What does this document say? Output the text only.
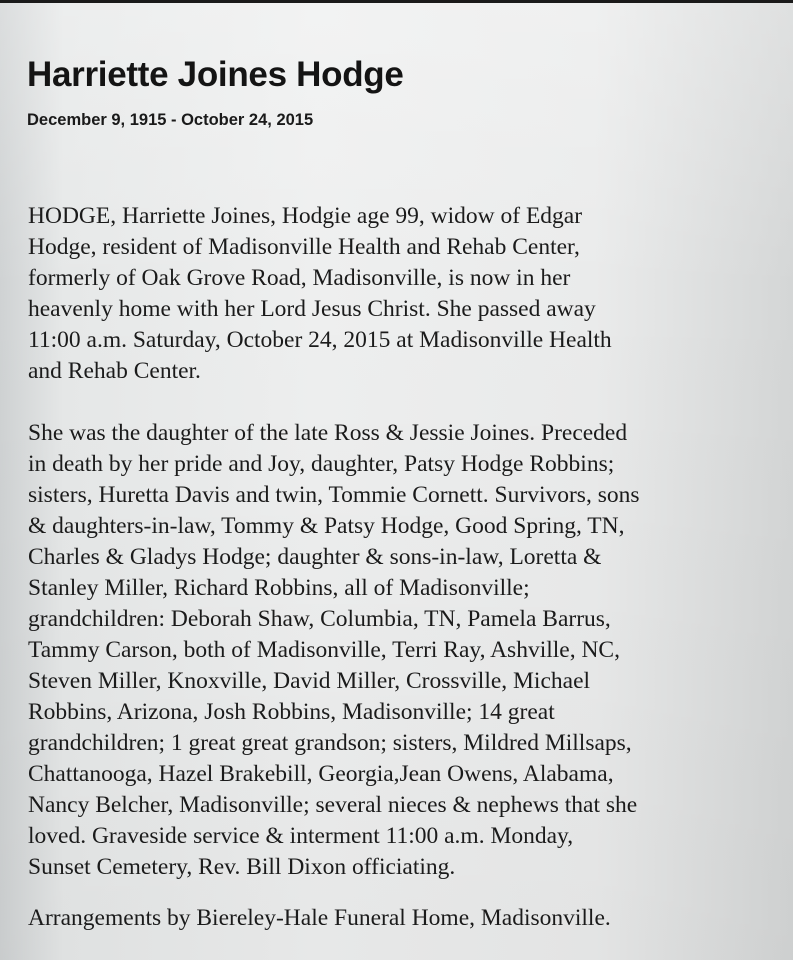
Harriette Joines Hodge
December 9, 1915 - October 24, 2015
HODGE, Harriette Joines, Hodgie age 99, widow of Edgar
Hodge, resident of Madisonville Health and Rehab Center,
formerly of Oak Grove Road, Madisonville, is now in her
heavenly home with her Lord Jesus Christ. She passed away
11:00 a.m. Saturday, October 24, 2015 at Madisonville Health
and Rehab Center.
She was the daughter of the late Ross & Jessie Joines. Preceded
in death by her pride and Joy, daughter, Patsy Hodge Robbins;
sisters, Huretta Davis and twin, Tommie Cornett. Survivors, sons
& daughters-in-law, Tommy & Patsy Hodge, Good Spring, TN,
Charles & Gladys Hodge; daughter & sons-in-law, Loretta &
Stanley Miller, Richard Robbins, all of Madisonville;
grandchildren: Deborah Shaw, Columbia, TN, Pamela Barrus,
Tammy Carson, both of Madisonville, Terri Ray, Ashville, NC,
Steven Miller, Knoxville, David Miller, Crossville, Michael
Robbins, Arizona, Josh Robbins, Madisonville; 14 great
grandchildren; 1 great great grandson; sisters, Mildred Millsaps,
Chattanooga, Hazel Brakebill, Georgia,Jean Owens, Alabama,
Nancy Belcher, Madisonville; several nieces & nephews that she
loved. Graveside service & interment 11:00 a.m. Monday,
Sunset Cemetery, Rev. Bill Dixon officiating.
Arrangements by Biereley-Hale Funeral Home, Madisonville.
